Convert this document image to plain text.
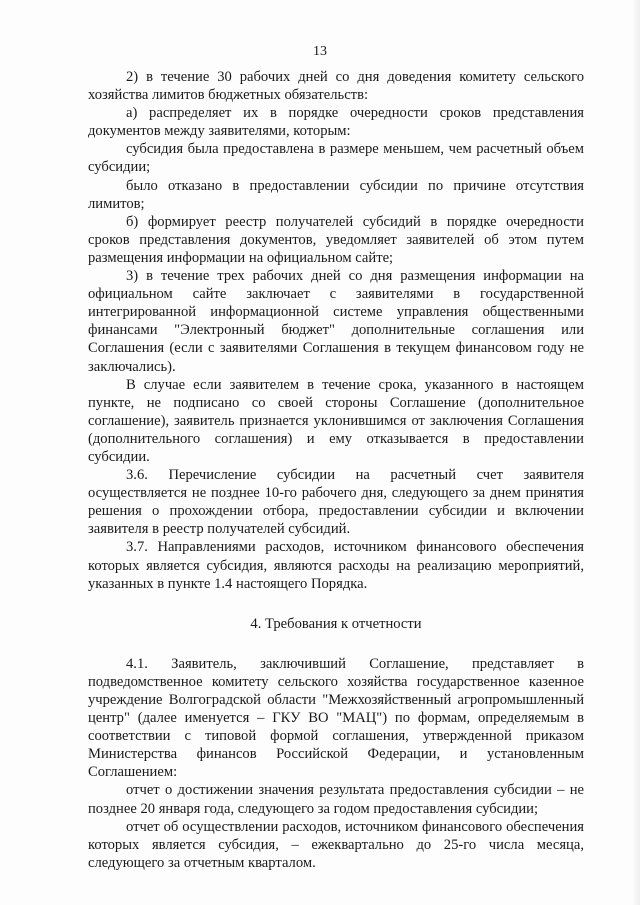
13

2) в течение 30 рабочих дней со дня доведения комитету сельского хозяйства лимитов бюджетных обязательств:

а) распределяет их в порядке очередности сроков представления документов между заявителями, которым:

субсидия была предоставлена в размере меньшем, чем расчетный объем субсидии;

было отказано в предоставлении субсидии по причине отсутствия лимитов;

б) формирует реестр получателей субсидий в порядке очередности сроков представления документов, уведомляет заявителей об этом путем размещения информации на официальном сайте;

3) в течение трех рабочих дней со дня размещения информации на официальном сайте заключает с заявителями в государственной интегрированной информационной системе управления общественными финансами "Электронный бюджет" дополнительные соглашения или Соглашения (если с заявителями Соглашения в текущем финансовом году не заключались).

В случае если заявителем в течение срока, указанного в настоящем пункте, не подписано со своей стороны Соглашение (дополнительное соглашение), заявитель признается уклонившимся от заключения Соглашения (дополнительного соглашения) и ему отказывается в предоставлении субсидии.

3.6. Перечисление субсидии на расчетный счет заявителя осуществляется не позднее 10-го рабочего дня, следующего за днем принятия решения о прохождении отбора, предоставлении субсидии и включении заявителя в реестр получателей субсидий.

3.7. Направлениями расходов, источником финансового обеспечения которых является субсидия, являются расходы на реализацию мероприятий, указанных в пункте 1.4 настоящего Порядка.

4. Требования к отчетности

4.1. Заявитель, заключивший Соглашение, представляет в подведомственное комитету сельского хозяйства государственное казенное учреждение Волгоградской области "Межхозяйственный агропромышленный центр" (далее именуется – ГКУ ВО "МАЦ") по формам, определяемым в соответствии с типовой формой соглашения, утвержденной приказом Министерства финансов Российской Федерации, и установленным Соглашением:

отчет о достижении значения результата предоставления субсидии – не позднее 20 января года, следующего за годом предоставления субсидии;

отчет об осуществлении расходов, источником финансового обеспечения которых является субсидия, – ежеквартально до 25-го числа месяца, следующего за отчетным кварталом.
